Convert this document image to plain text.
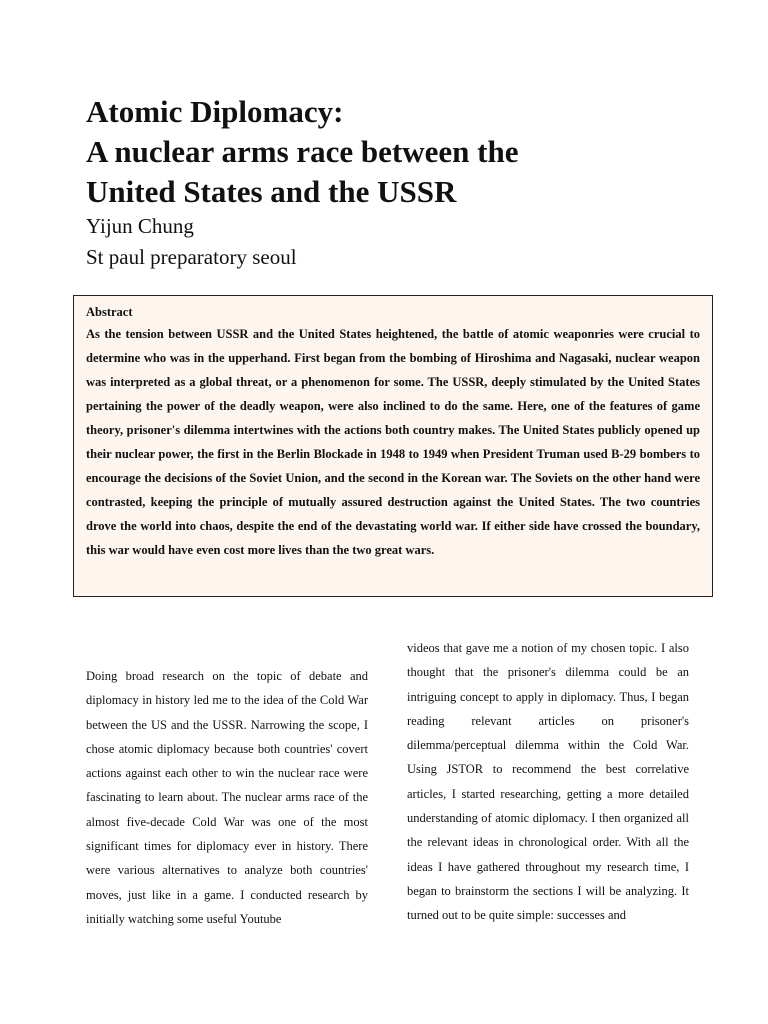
Atomic Diplomacy:
A nuclear arms race between the
United States and the USSR
Yijun Chung
St paul preparatory seoul
Abstract

As the tension between USSR and the United States heightened, the battle of atomic weaponries were crucial to determine who was in the upperhand. First began from the bombing of Hiroshima and Nagasaki, nuclear weapon was interpreted as a global threat, or a phenomenon for some. The USSR, deeply stimulated by the United States pertaining the power of the deadly weapon, were also inclined to do the same. Here, one of the features of game theory, prisoner's dilemma intertwines with the actions both country makes. The United States publicly opened up their nuclear power, the first in the Berlin Blockade in 1948 to 1949 when President Truman used B-29 bombers to encourage the decisions of the Soviet Union, and the second in the Korean war. The Soviets on the other hand were contrasted, keeping the principle of mutually assured destruction against the United States. The two countries drove the world into chaos, despite the end of the devastating world war. If either side have crossed the boundary, this war would have even cost more lives than the two great wars.

Doing broad research on the topic of debate and diplomacy in history led me to the idea of the Cold War between the US and the USSR. Narrowing the scope, I chose atomic diplomacy because both countries' covert actions against each other to win the nuclear race were fascinating to learn about. The nuclear arms race of the almost five-decade Cold War was one of the most significant times for diplomacy ever in history. There were various alternatives to analyze both countries' moves, just like in a game. I conducted research by initially watching some useful Youtube

videos that gave me a notion of my chosen topic. I also thought that the prisoner's dilemma could be an intriguing concept to apply in diplomacy. Thus, I began reading relevant articles on prisoner's dilemma/perceptual dilemma within the Cold War. Using JSTOR to recommend the best correlative articles, I started researching, getting a more detailed understanding of atomic diplomacy. I then organized all the relevant ideas in chronological order. With all the ideas I have gathered throughout my research time, I began to brainstorm the sections I will be analyzing. It turned out to be quite simple: successes and
